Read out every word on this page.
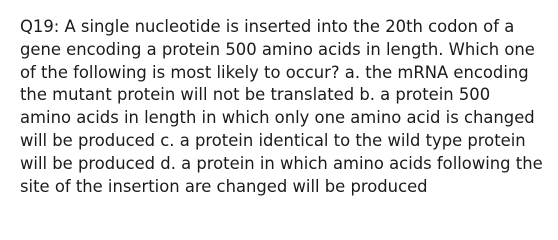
Q19: A single nucleotide is inserted into the 20th codon of a gene encoding a protein 500 amino acids in length. Which one of the following is most likely to occur? a. the mRNA encoding the mutant protein will not be translated b. a protein 500 amino acids in length in which only one amino acid is changed will be produced c. a protein identical to the wild type protein will be produced d. a protein in which amino acids following the site of the insertion are changed will be produced
